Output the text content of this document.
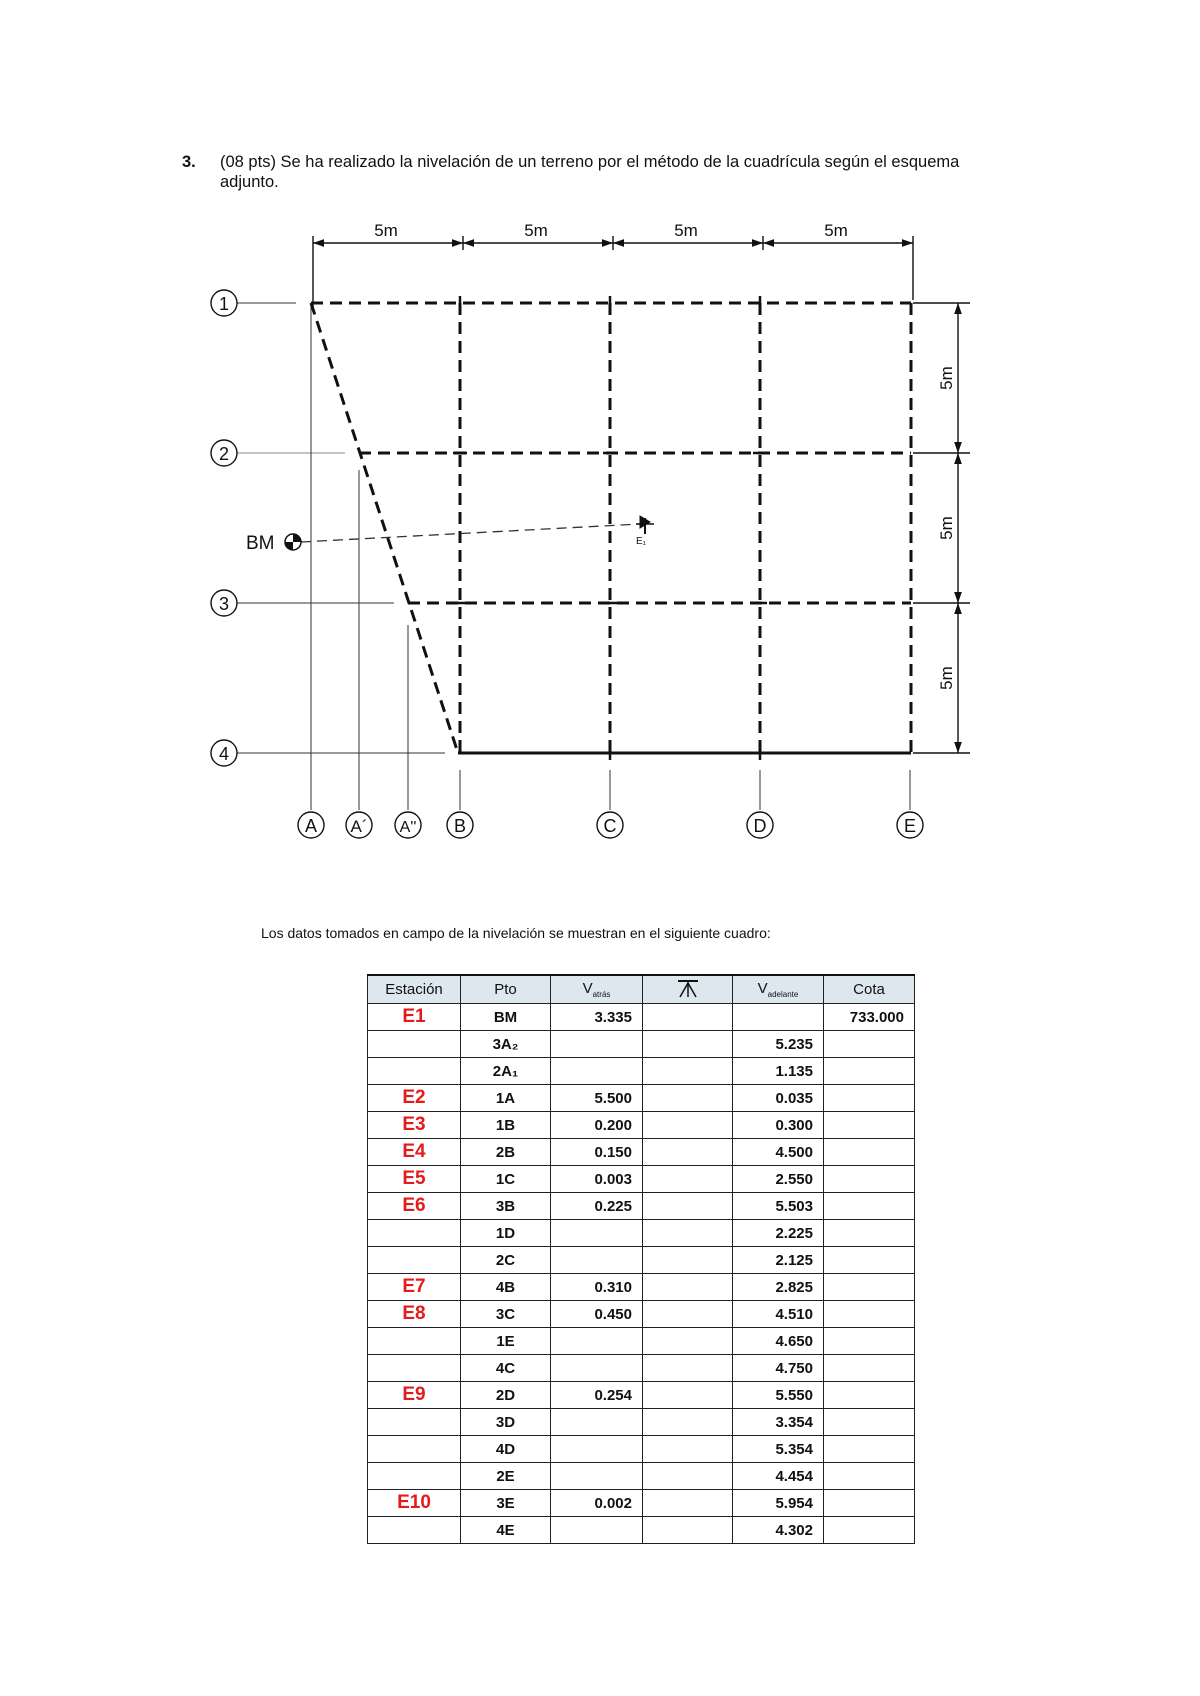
3. (08 pts) Se ha realizado la nivelación de un terreno por el método de la cuadrícula según el esquema adjunto.
5m	5m	5m	5m
5m
5m
5m
BM	E₁
1
2
3
4
A A´ A'' B	C	D	E
Los datos tomados en campo de la nivelación se muestran en el siguiente cuadro:
Estación	Pto	$V_{atrás}$		$V_{adelante}$	Cota
E1	BM	3.335			733.000
	3A₂			5.235	
	2A₁			1.135	
E2	1A	5.500		0.035	
E3	1B	0.200		0.300	
E4	2B	0.150		4.500	
E5	1C	0.003		2.550	
E6	3B	0.225		5.503	
	1D			2.225	
	2C			2.125	
E7	4B	0.310		2.825	
E8	3C	0.450		4.510	
	1E			4.650	
	4C			4.750	
E9	2D	0.254		5.550	
	3D			3.354	
	4D			5.354	
	2E			4.454	
E10	3E	0.002		5.954	
	4E			4.302	
